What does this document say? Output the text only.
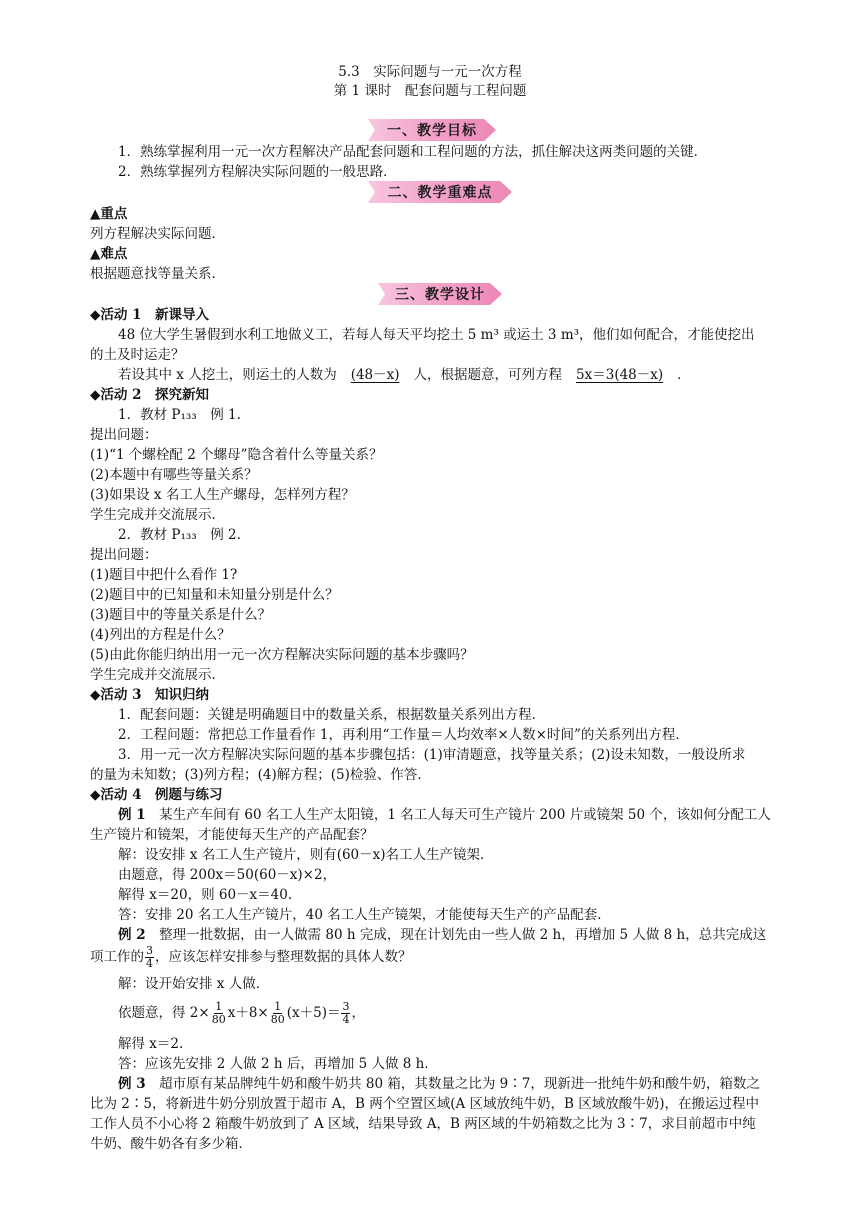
5.3　实际问题与一元一次方程
第 1 课时　配套问题与工程问题
一、教学目标
1．熟练掌握利用一元一次方程解决产品配套问题和工程问题的方法，抓住解决这两类问题的关键．
2．熟练掌握列方程解决实际问题的一般思路．
二、教学重难点
▲重点
列方程解决实际问题．
▲难点
根据题意找等量关系．
三、教学设计
◆活动 1　新课导入
48 位大学生暑假到水利工地做义工，若每人每天平均挖土 5 m³ 或运土 3 m³，他们如何配合，才能使挖出
的土及时运走？
若设其中 x 人挖土，则运土的人数为 (48－x) 人，根据题意，可列方程 5x＝3(48－x) ．
◆活动 2　探究新知
1．教材 P₁₃₃　例 1.
提出问题：
(1)“1 个螺栓配 2 个螺母”隐含着什么等量关系？
(2)本题中有哪些等量关系？
(3)如果设 x 名工人生产螺母，怎样列方程？
学生完成并交流展示．
2．教材 P₁₃₃　例 2.
提出问题：
(1)题目中把什么看作 1?
(2)题目中的已知量和未知量分别是什么？
(3)题目中的等量关系是什么？
(4)列出的方程是什么？
(5)由此你能归纳出用一元一次方程解决实际问题的基本步骤吗？
学生完成并交流展示．
◆活动 3　知识归纳
1．配套问题：关键是明确题目中的数量关系，根据数量关系列出方程．
2．工程问题：常把总工作量看作 1，再利用“工作量＝人均效率×人数×时间”的关系列出方程．
3．用一元一次方程解决实际问题的基本步骤包括：(1)审清题意，找等量关系；(2)设未知数，一般设所求
的量为未知数；(3)列方程；(4)解方程；(5)检验、作答．
◆活动 4　例题与练习
例 1　某生产车间有 60 名工人生产太阳镜，1 名工人每天可生产镜片 200 片或镜架 50 个，该如何分配工人
生产镜片和镜架，才能使每天生产的产品配套？
解：设安排 x 名工人生产镜片，则有(60－x)名工人生产镜架．
由题意，得 200x＝50(60－x)×2，
解得 x＝20，则 60－x＝40.
答：安排 20 名工人生产镜片，40 名工人生产镜架，才能使每天生产的产品配套．
例 2　整理一批数据，由一人做需 80 h 完成，现在计划先由一些人做 2 h，再增加 5 人做 8 h，总共完成这
项工作的 $\frac{3}{4}$ ，应该怎样安排参与整理数据的具体人数？
解：设开始安排 x 人做．
依题意，得 $2\times \frac{1}{80} x+8\times \frac{1}{80} (x+5)= \frac{3}{4}$ ，
解得 x＝2.
答：应该先安排 2 人做 2 h 后，再增加 5 人做 8 h．
例 3　超市原有某品牌纯牛奶和酸牛奶共 80 箱，其数量之比为 9∶7，现新进一批纯牛奶和酸牛奶，箱数之
比为 2∶5，将新进牛奶分别放置于超市 A，B 两个空置区域(A 区域放纯牛奶，B 区域放酸牛奶)，在搬运过程中
工作人员不小心将 2 箱酸牛奶放到了 A 区域，结果导致 A，B 两区域的牛奶箱数之比为 3∶7，求目前超市中纯
牛奶、酸牛奶各有多少箱．
